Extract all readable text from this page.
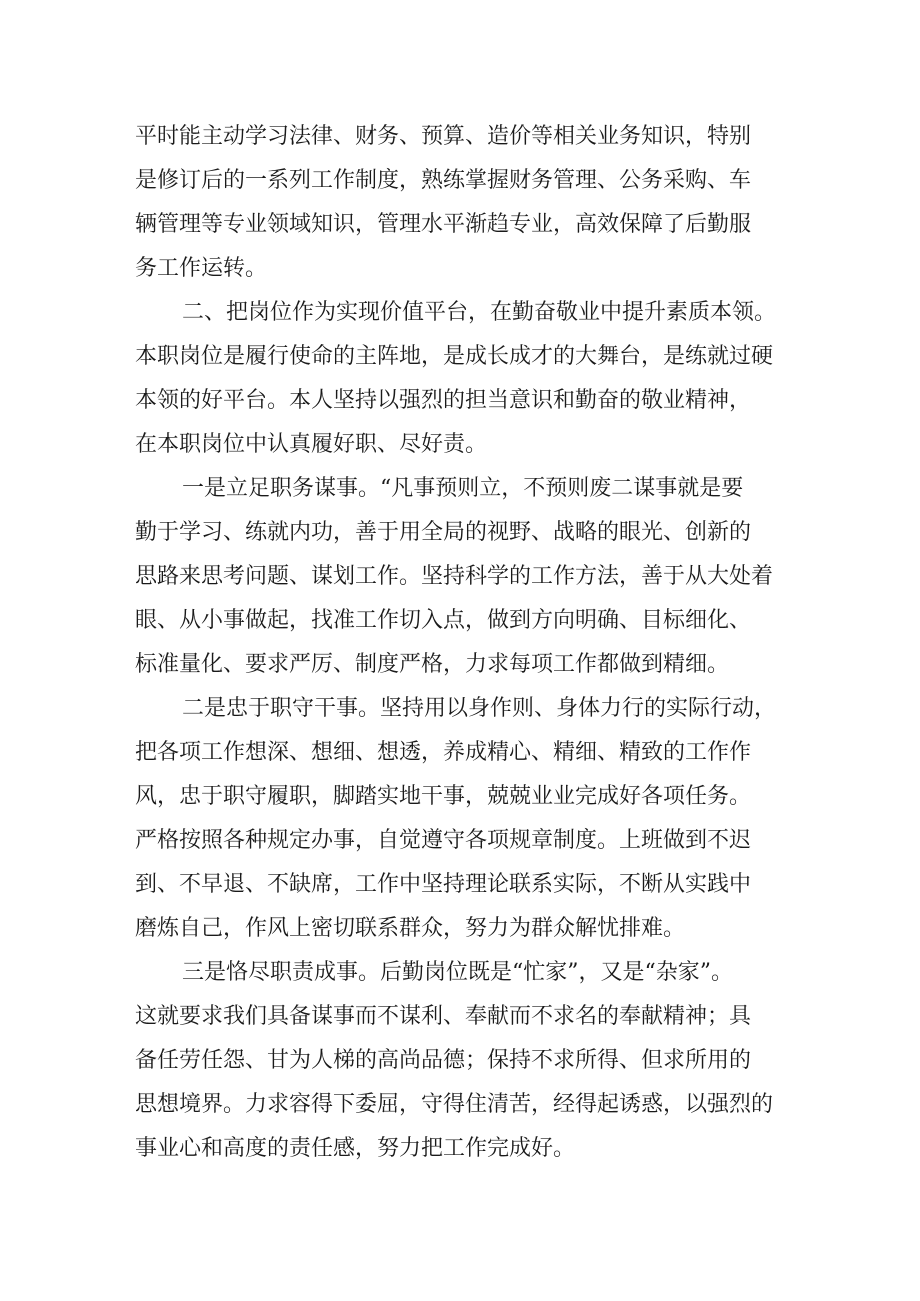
平时能主动学习法律、财务、预算、造价等相关业务知识，特别
是修订后的一系列工作制度，熟练掌握财务管理、公务采购、车
辆管理等专业领域知识，管理水平渐趋专业，高效保障了后勤服
务工作运转。
二、把岗位作为实现价值平台，在勤奋敬业中提升素质本领。
本职岗位是履行使命的主阵地，是成长成才的大舞台，是练就过硬
本领的好平台。本人坚持以强烈的担当意识和勤奋的敬业精神，
在本职岗位中认真履好职、尽好责。
一是立足职务谋事。“凡事预则立，不预则废二谋事就是要
勤于学习、练就内功，善于用全局的视野、战略的眼光、创新的
思路来思考问题、谋划工作。坚持科学的工作方法，善于从大处着
眼、从小事做起，找准工作切入点，做到方向明确、目标细化、
标准量化、要求严厉、制度严格，力求每项工作都做到精细。
二是忠于职守干事。坚持用以身作则、身体力行的实际行动，
把各项工作想深、想细、想透，养成精心、精细、精致的工作作
风，忠于职守履职，脚踏实地干事，兢兢业业完成好各项任务。
严格按照各种规定办事，自觉遵守各项规章制度。上班做到不迟
到、不早退、不缺席，工作中坚持理论联系实际，不断从实践中
磨炼自己，作风上密切联系群众，努力为群众解忧排难。
三是恪尽职责成事。后勤岗位既是“忙家”，又是“杂家”。
这就要求我们具备谋事而不谋利、奉献而不求名的奉献精神；具
备任劳任怨、甘为人梯的高尚品德；保持不求所得、但求所用的
思想境界。力求容得下委屈，守得住清苦，经得起诱惑，以强烈的
事业心和高度的责任感，努力把工作完成好。
